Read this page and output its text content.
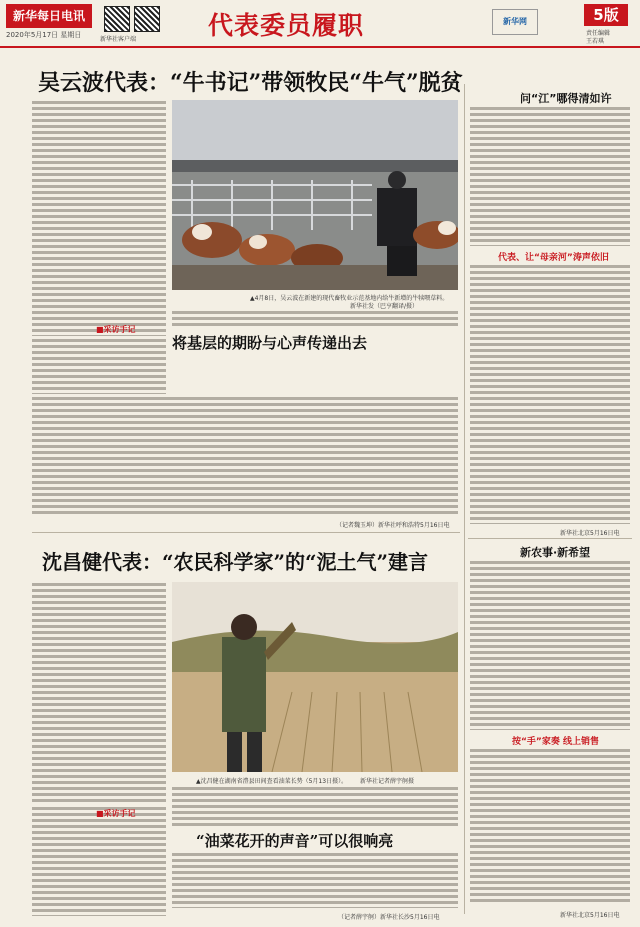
新华每日电讯
2020年5月17日 星期日
新华社客户端	代表委员履职	新华网	5版
责任编辑
王若琪
吴云波代表：“牛书记”带领牧民“牛气”脱贫
▲4月8日，吴云波在新建的现代畜牧业示范基地内给牛新增的牛犊喂草料。
新华社发（巴亨翻译/摄）
■采访手记
将基层的期盼与心声传递出去
（记者魏玉坤）新华社呼和浩特5月16日电
沈昌健代表：“农民科学家”的“泥土气”建言
▲沈昌健在湖南省澧县田间查看油菜长势（5月13日摄）。 新华社记者薛宇舸摄
■采访手记
“油菜花开的声音”可以很响亮
（记者薛宇舸）新华社长沙5月16日电
问“江”哪得清如许
代表、让“母亲河”涛声依旧
新华社北京5月16日电
新农事·新希望
按“手”家奏 线上销售
新华社北京5月16日电
